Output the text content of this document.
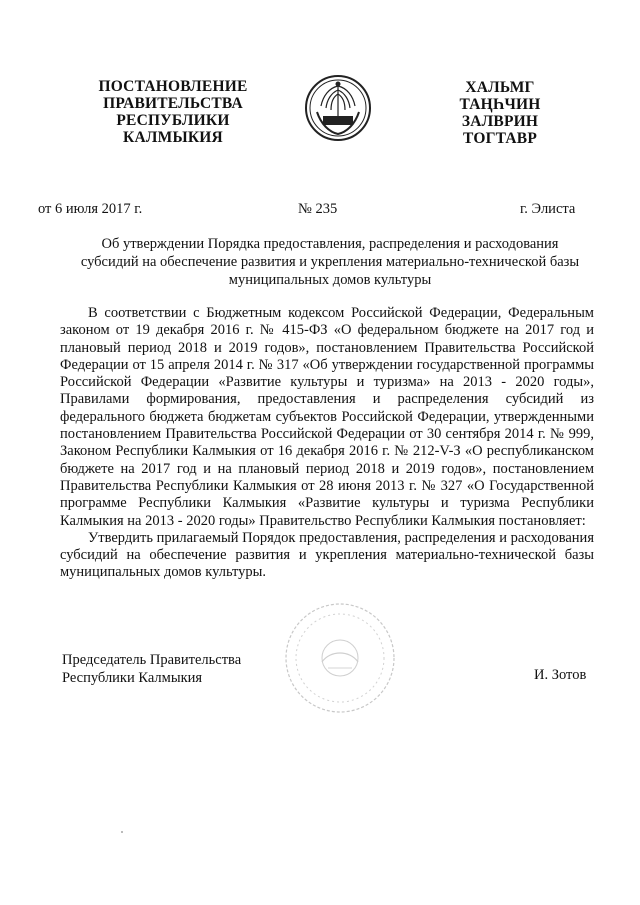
ПОСТАНОВЛЕНИЕ
ПРАВИТЕЛЬСТВА
РЕСПУБЛИКИ
КАЛМЫКИЯ
ХАЛЬМГ
ТАҢҺЧИН
ЗАЛВРИН
ТОГТАВР
от 6 июля 2017 г.	№ 235	г. Элиста
Об утверждении Порядка предоставления, распределения и расходования
субсидий на обеспечение развития и укрепления материально-технической базы
муниципальных домов культуры

В соответствии с Бюджетным кодексом Российской Федерации, Федеральным законом от 19 декабря 2016 г. № 415-ФЗ «О федеральном бюджете на 2017 год и плановый период 2018 и 2019 годов», постановлением Правительства Российской Федерации от 15 апреля 2014 г. № 317 «Об утверждении государственной программы Российской Федерации «Развитие культуры и туризма» на 2013 - 2020 годы», Правилами формирования, предоставления и распределения субсидий из федерального бюджета бюджетам субъектов Российской Федерации, утвержденными постановлением Правительства Российской Федерации от 30 сентября 2014 г. № 999, Законом Республики Калмыкия от 16 декабря 2016 г. № 212-V-З «О республиканском бюджете на 2017 год и на плановый период 2018 и 2019 годов», постановлением Правительства Республики Калмыкия от 28 июня 2013 г. № 327 «О Государственной программе Республики Калмыкия «Развитие культуры и туризма Республики Калмыкия на 2013 - 2020 годы» Правительство Республики Калмыкия постановляет:

Утвердить прилагаемый Порядок предоставления, распределения и расходования субсидий на обеспечение развития и укрепления материально-технической базы муниципальных домов культуры.

Председатель Правительства
Республики Калмыкия	И. Зотов
